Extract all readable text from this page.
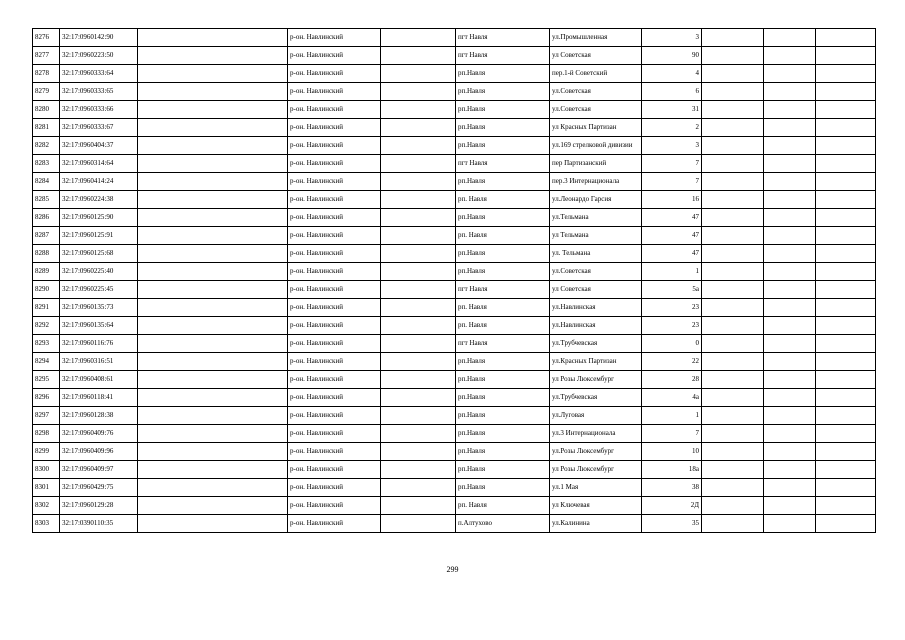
8276	32:17:0960142:90		р-он. Навлинский		пгт Навля	ул.Промышленная	3			
8277	32:17:0960223:50		р-он. Навлинский		пгт Навля	ул Советская	90			
8278	32:17:0960333:64		р-он. Навлинский		рп.Навля	пер.1-й Советский	4			
8279	32:17:0960333:65		р-он. Навлинский		рп.Навля	ул.Советская	6			
8280	32:17:0960333:66		р-он. Навлинский		рп.Навля	ул.Советская	31			
8281	32:17:0960333:67		р-он. Навлинский		рп.Навля	ул Красных Партизан	2			
8282	32:17:0960404:37		р-он. Навлинский		рп.Навля	ул.169 стрелковой дивизии	3			
8283	32:17:0960314:64		р-он. Навлинский		пгт Навля	пер Партизанский	7			
8284	32:17:0960414:24		р-он. Навлинский		рп.Навля	пер.3 Интернационала	7			
8285	32:17:0960224:38		р-он. Навлинский		рп. Навля	ул.Леонардо Гарсия	16			
8286	32:17:0960125:90		р-он. Навлинский		рп.Навля	ул.Тельмана	47			
8287	32:17:0960125:91		р-он. Навлинский		рп. Навля	ул Тельмана	47			
8288	32:17:0960125:68		р-он. Навлинский		рп.Навля	ул. Тельмана	47			
8289	32:17:0960225:40		р-он. Навлинский		рп.Навля	ул.Советская	1			
8290	32:17:0960225:45		р-он. Навлинский		пгт Навля	ул Советская	5а			
8291	32:17:0960135:73		р-он. Навлинский		рп. Навля	ул.Навлинская	23			
8292	32:17:0960135:64		р-он. Навлинский		рп. Навля	ул.Навлинская	23			
8293	32:17:0960116:76		р-он. Навлинский		пгт Навля	ул.Трубчевская	0			
8294	32:17:0960316:51		р-он. Навлинский		рп.Навля	ул.Красных Партизан	22			
8295	32:17:0960408:61		р-он. Навлинский		рп.Навля	ул Розы Люксембург	28			
8296	32:17:0960118:41		р-он. Навлинский		рп.Навля	ул.Трубчевская	4а			
8297	32:17:0960128:38		р-он. Навлинский		рп.Навля	ул.Луговая	1			
8298	32:17:0960409:76		р-он. Навлинский		рп.Навля	ул.3 Интернационала	7			
8299	32:17:0960409:96		р-он. Навлинский		рп.Навля	ул.Розы Люксембург	10			
8300	32:17:0960409:97		р-он. Навлинский		рп.Навля	ул Розы Люксембург	18а			
8301	32:17:0960429:75		р-он. Навлинский		рп.Навля	ул.1 Мая	38			
8302	32:17:0960129:28		р-он. Навлинский		рп. Навля	ул Ключевая	2Д			
8303	32:17:0390110:35		р-он. Навлинский		п.Алтухово	ул.Калинина	35			
299
